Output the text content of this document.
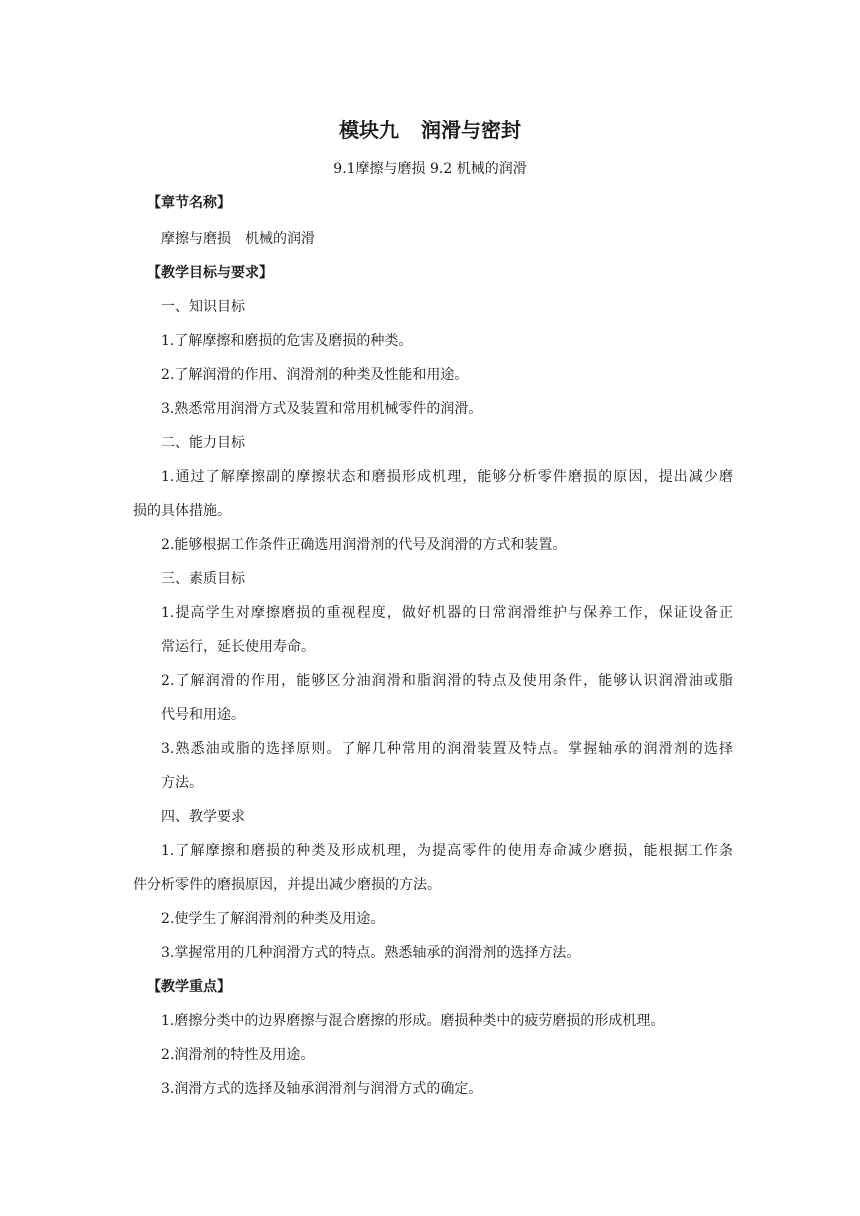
模块九 润滑与密封
9.1摩擦与磨损 9.2 机械的润滑
【章节名称】
摩擦与磨损　机械的润滑
【教学目标与要求】
一、知识目标
1.了解摩擦和磨损的危害及磨损的种类。
2.了解润滑的作用、润滑剂的种类及性能和用途。
3.熟悉常用润滑方式及装置和常用机械零件的润滑。
二、能力目标
1.通过了解摩擦副的摩擦状态和磨损形成机理，能够分析零件磨损的原因，提出减少磨
损的具体措施。
2.能够根据工作条件正确选用润滑剂的代号及润滑的方式和装置。
三、素质目标
1.提高学生对摩擦磨损的重视程度，做好机器的日常润滑维护与保养工作，保证设备正
常运行，延长使用寿命。
2.了解润滑的作用，能够区分油润滑和脂润滑的特点及使用条件，能够认识润滑油或脂
代号和用途。
3.熟悉油或脂的选择原则。了解几种常用的润滑装置及特点。掌握轴承的润滑剂的选择
方法。
四、教学要求
1.了解摩擦和磨损的种类及形成机理，为提高零件的使用寿命减少磨损，能根据工作条
件分析零件的磨损原因，并提出减少磨损的方法。
2.使学生了解润滑剂的种类及用途。
3.掌握常用的几种润滑方式的特点。熟悉轴承的润滑剂的选择方法。
【教学重点】
1.磨擦分类中的边界磨擦与混合磨擦的形成。磨损种类中的疲劳磨损的形成机理。
2.润滑剂的特性及用途。
3.润滑方式的选择及轴承润滑剂与润滑方式的确定。
